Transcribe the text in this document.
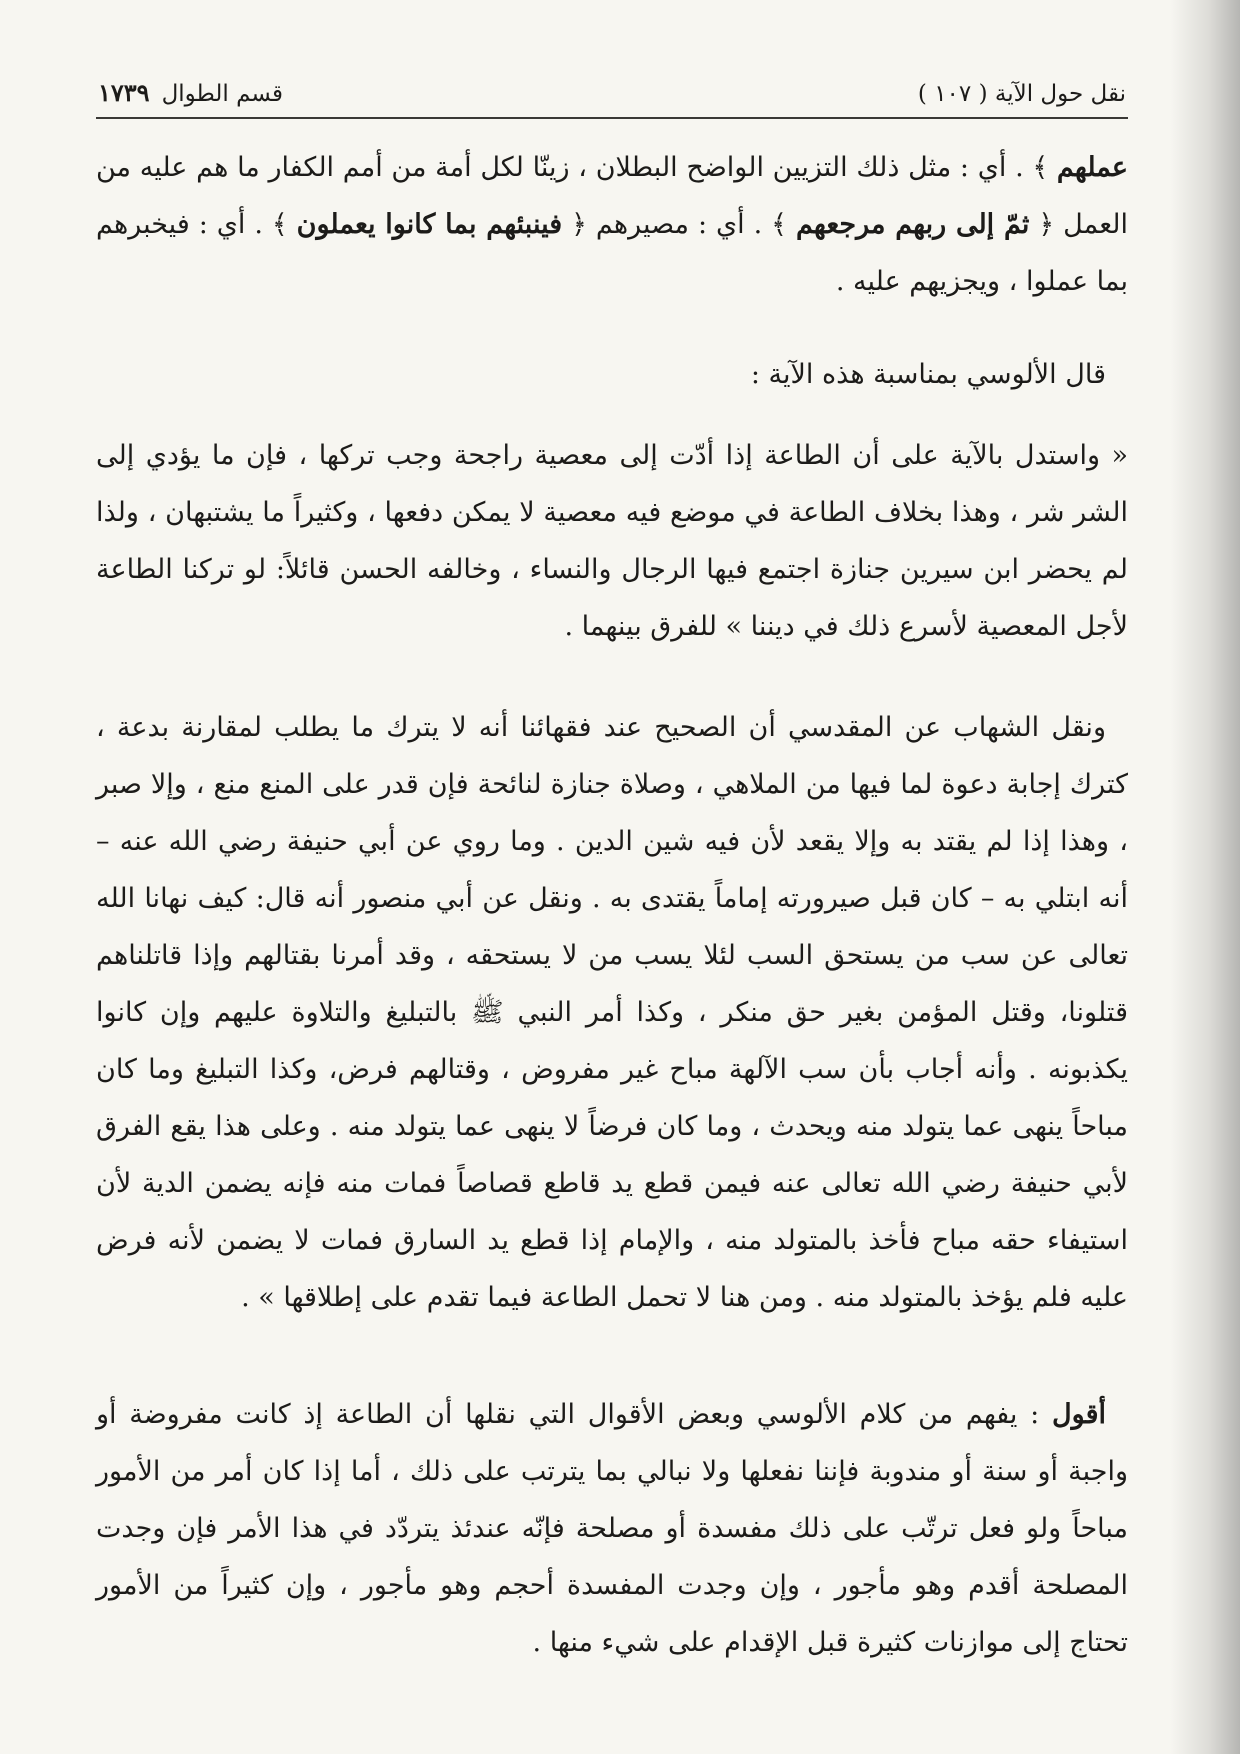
نقل حول الآية ( ١٠٧ )
قسم الطوال١٧٣٩

عملهم ﴾ . أي : مثل ذلك التزيين الواضح البطلان ، زينّا لكل أمة من أمم الكفار ما هم عليه من العمل ﴿ ثمّ إلى ربهم مرجعهم ﴾ . أي : مصيرهم ﴿ فينبئهم بما كانوا يعملون ﴾ . أي : فيخبرهم بما عملوا ، ويجزيهم عليه .

قال الألوسي بمناسبة هذه الآية :

« واستدل بالآية على أن الطاعة إذا أدّت إلى معصية راجحة وجب تركها ، فإن ما يؤدي إلى الشر شر ، وهذا بخلاف الطاعة في موضع فيه معصية لا يمكن دفعها ، وكثيراً ما يشتبهان ، ولذا لم يحضر ابن سيرين جنازة اجتمع فيها الرجال والنساء ، وخالفه الحسن قائلاً: لو تركنا الطاعة لأجل المعصية لأسرع ذلك في ديننا » للفرق بينهما .

ونقل الشهاب عن المقدسي أن الصحيح عند فقهائنا أنه لا يترك ما يطلب لمقارنة بدعة ، كترك إجابة دعوة لما فيها من الملاهي ، وصلاة جنازة لنائحة فإن قدر على المنع منع ، وإلا صبر ، وهذا إذا لم يقتد به وإلا يقعد لأن فيه شين الدين . وما روي عن أبي حنيفة رضي الله عنه – أنه ابتلي به – كان قبل صيرورته إماماً يقتدى به . ونقل عن أبي منصور أنه قال: كيف نهانا الله تعالى عن سب من يستحق السب لئلا يسب من لا يستحقه ، وقد أمرنا بقتالهم وإذا قاتلناهم قتلونا، وقتل المؤمن بغير حق منكر ، وكذا أمر النبي ﷺ بالتبليغ والتلاوة عليهم وإن كانوا يكذبونه . وأنه أجاب بأن سب الآلهة مباح غير مفروض ، وقتالهم فرض، وكذا التبليغ وما كان مباحاً ينهى عما يتولد منه ويحدث ، وما كان فرضاً لا ينهى عما يتولد منه . وعلى هذا يقع الفرق لأبي حنيفة رضي الله تعالى عنه فيمن قطع يد قاطع قصاصاً فمات منه فإنه يضمن الدية لأن استيفاء حقه مباح فأخذ بالمتولد منه ، والإمام إذا قطع يد السارق فمات لا يضمن لأنه فرض عليه فلم يؤخذ بالمتولد منه . ومن هنا لا تحمل الطاعة فيما تقدم على إطلاقها » .

أقول : يفهم من كلام الألوسي وبعض الأقوال التي نقلها أن الطاعة إذ كانت مفروضة أو واجبة أو سنة أو مندوبة فإننا نفعلها ولا نبالي بما يترتب على ذلك ، أما إذا كان أمر من الأمور مباحاً ولو فعل ترتّب على ذلك مفسدة أو مصلحة فإنّه عندئذ يتردّد في هذا الأمر فإن وجدت المصلحة أقدم وهو مأجور ، وإن وجدت المفسدة أحجم وهو مأجور ، وإن كثيراً من الأمور تحتاج إلى موازنات كثيرة قبل الإقدام على شيء منها .
